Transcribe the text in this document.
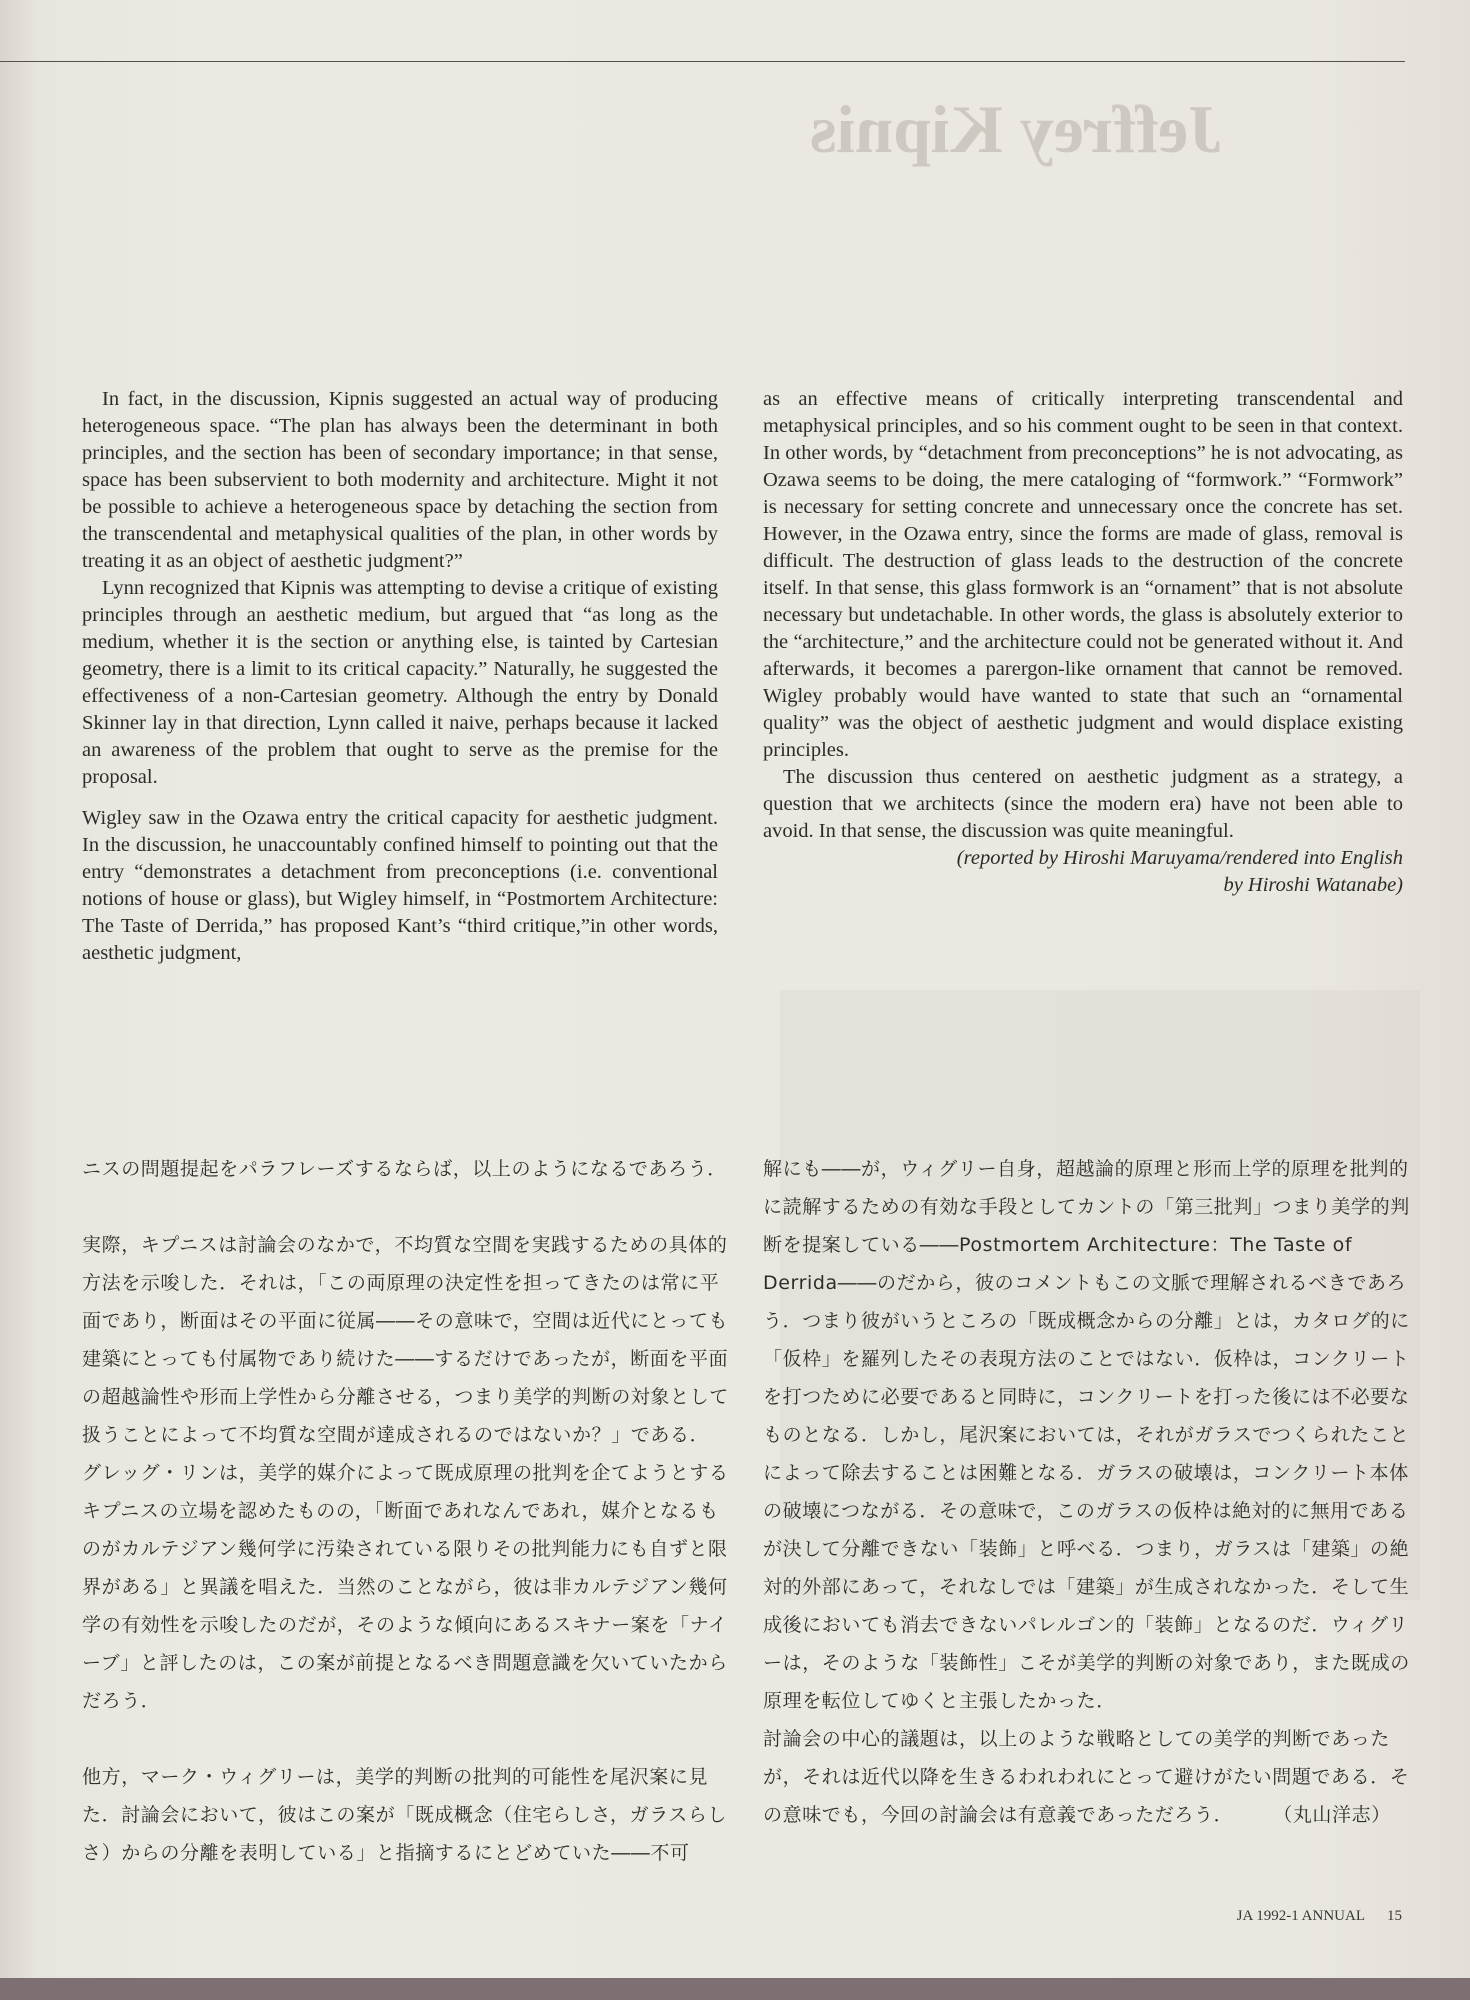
Jeffrey Kipnis

In fact, in the discussion, Kipnis suggested an actual way of producing heterogeneous space. “The plan has always been the determinant in both principles, and the section has been of secondary importance; in that sense, space has been subservient to both modernity and architecture. Might it not be possible to achieve a heterogeneous space by detaching the section from the transcendental and metaphysical qualities of the plan, in other words by treating it as an object of aesthetic judgment?”

Lynn recognized that Kipnis was attempting to devise a critique of existing principles through an aesthetic medium, but argued that “as long as the medium, whether it is the section or anything else, is tainted by Cartesian geometry, there is a limit to its critical capacity.” Naturally, he suggested the effectiveness of a non-Cartesian geometry. Although the entry by Donald Skinner lay in that direction, Lynn called it naive, perhaps because it lacked an awareness of the problem that ought to serve as the premise for the proposal.

Wigley saw in the Ozawa entry the critical capacity for aesthetic judgment. In the discussion, he unaccountably confined himself to pointing out that the entry “demonstrates a detachment from preconceptions (i.e. conventional notions of house or glass), but Wigley himself, in “Postmortem Architecture: The Taste of Derrida,” has proposed Kant’s “third critique,”in other words, aesthetic judgment,

as an effective means of critically interpreting transcendental and metaphysical principles, and so his comment ought to be seen in that context. In other words, by “detachment from preconceptions” he is not advocating, as Ozawa seems to be doing, the mere cataloging of “formwork.” “Formwork” is necessary for setting concrete and unnecessary once the concrete has set. However, in the Ozawa entry, since the forms are made of glass, removal is difficult. The destruction of glass leads to the destruction of the concrete itself. In that sense, this glass formwork is an “ornament” that is not absolute necessary but undetachable. In other words, the glass is absolutely exterior to the “architecture,” and the architecture could not be generated without it. And afterwards, it becomes a parergon-like ornament that cannot be removed. Wigley probably would have wanted to state that such an “ornamental quality” was the object of aesthetic judgment and would displace existing principles.

The discussion thus centered on aesthetic judgment as a strategy, a question that we architects (since the modern era) have not been able to avoid. In that sense, the discussion was quite meaningful.

(reported by Hiroshi Maruyama/rendered into English

by Hiroshi Watanabe)

ニスの問題提起をパラフレーズするならば，以上のようになるであろう．

実際，キプニスは討論会のなかで，不均質な空間を実践するための具体的方法を示唆した．それは，「この両原理の決定性を担ってきたのは常に平面であり，断面はその平面に従属――その意味で，空間は近代にとっても建築にとっても付属物であり続けた――するだけであったが，断面を平面の超越論性や形而上学性から分離させる，つまり美学的判断の対象として扱うことによって不均質な空間が達成されるのではないか？」である．

グレッグ・リンは，美学的媒介によって既成原理の批判を企てようとするキプニスの立場を認めたものの，「断面であれなんであれ，媒介となるものがカルテジアン幾何学に汚染されている限りその批判能力にも自ずと限界がある」と異議を唱えた．当然のことながら，彼は非カルテジアン幾何学の有効性を示唆したのだが，そのような傾向にあるスキナー案を「ナイーブ」と評したのは，この案が前提となるべき問題意識を欠いていたからだろう．

他方，マーク・ウィグリーは，美学的判断の批判的可能性を尾沢案に見た．討論会において，彼はこの案が「既成概念（住宅らしさ，ガラスらしさ）からの分離を表明している」と指摘するにとどめていた――不可

解にも――が，ウィグリー自身，超越論的原理と形而上学的原理を批判的に読解するための有効な手段としてカントの「第三批判」つまり美学的判断を提案している――Postmortem Architecture：The Taste of Derrida――のだから，彼のコメントもこの文脈で理解されるべきであろう．つまり彼がいうところの「既成概念からの分離」とは，カタログ的に「仮枠」を羅列したその表現方法のことではない．仮枠は，コンクリートを打つために必要であると同時に，コンクリートを打った後には不必要なものとなる．しかし，尾沢案においては，それがガラスでつくられたことによって除去することは困難となる．ガラスの破壊は，コンクリート本体の破壊につながる．その意味で，このガラスの仮枠は絶対的に無用であるが決して分離できない「装飾」と呼べる．つまり，ガラスは「建築」の絶対的外部にあって，それなしでは「建築」が生成されなかった．そして生成後においても消去できないパレルゴン的「装飾」となるのだ．ウィグリーは，そのような「装飾性」こそが美学的判断の対象であり，また既成の原理を転位してゆくと主張したかった．

討論会の中心的議題は，以上のような戦略としての美学的判断であったが，それは近代以降を生きるわれわれにとって避けがたい問題である．その意味でも，今回の討論会は有意義であっただろう． （丸山洋志）

JA 1992-1 ANNUAL 15
